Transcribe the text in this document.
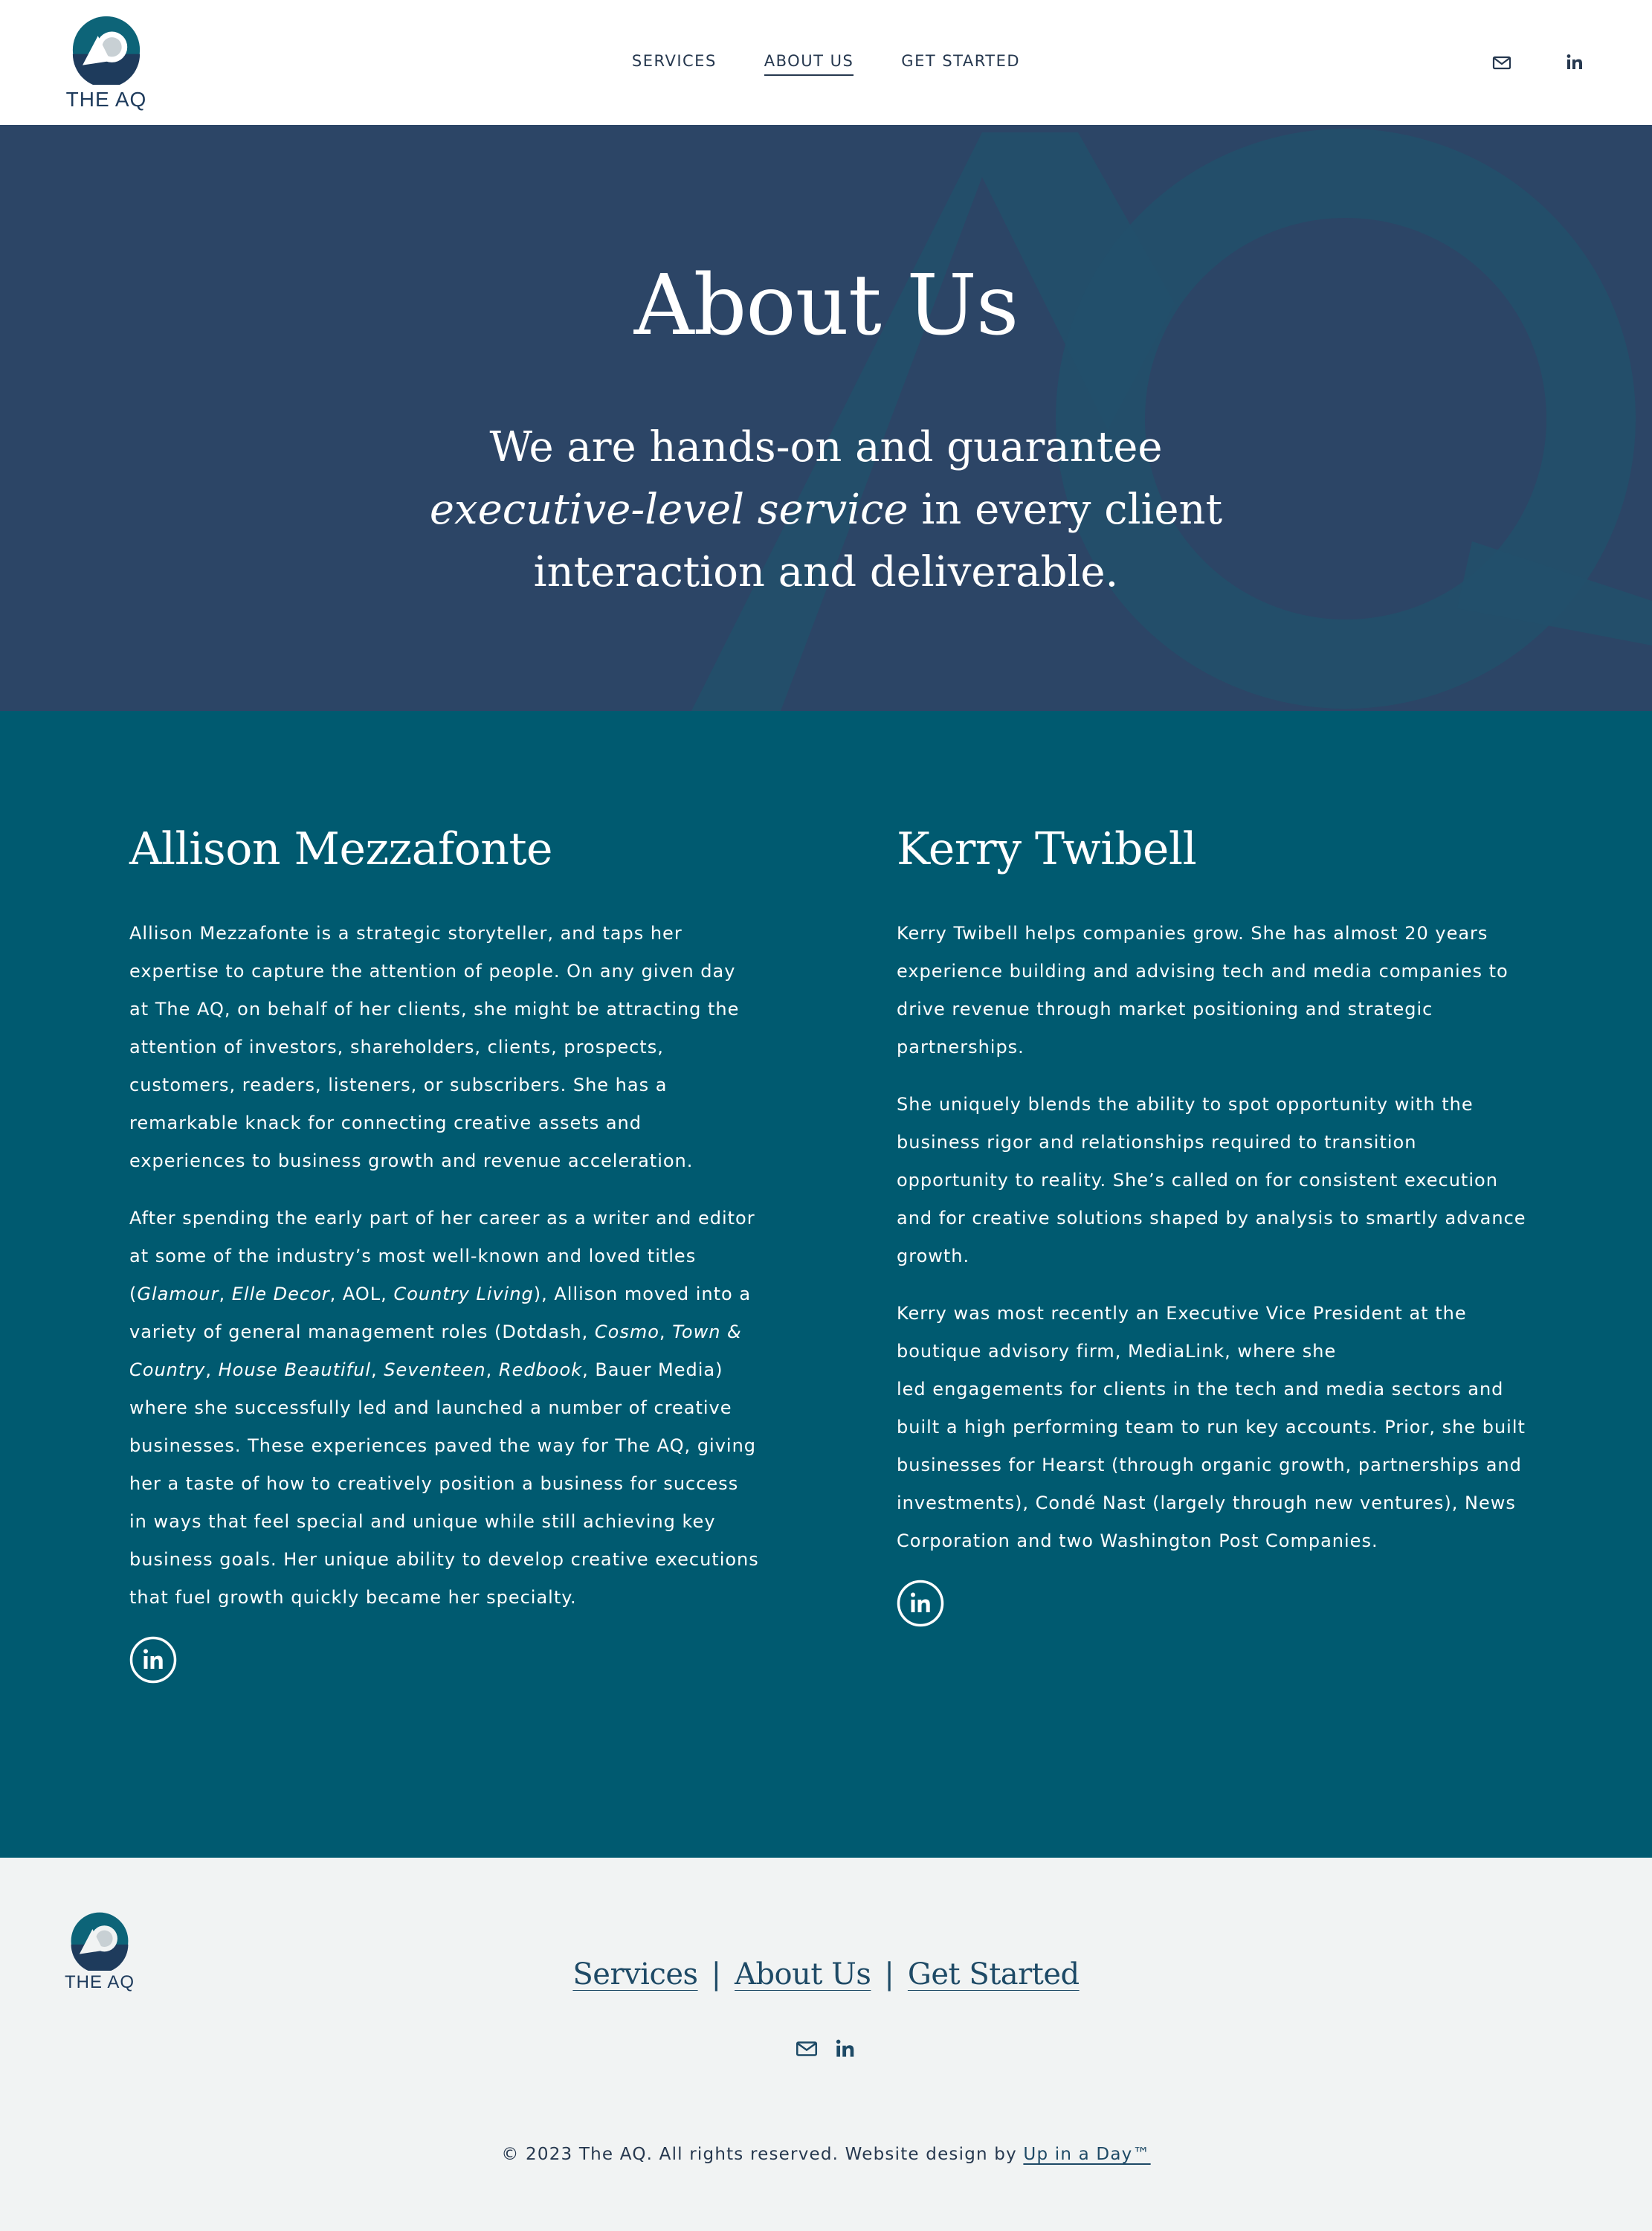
THE AQ
SERVICES	ABOUT US	GET STARTED
About Us

We are hands-on and guarantee
executive-level service in every client interaction and deliverable.

Allison Mezzafonte

Allison Mezzafonte is a strategic storyteller, and taps her expertise to capture the attention of people. On any given day at The AQ, on behalf of her clients, she might be attracting the attention of investors, shareholders, clients, prospects, customers, readers, listeners, or subscribers. She has a remarkable knack for connecting creative assets and experiences to business growth and revenue acceleration.

After spending the early part of her career as a writer and editor at some of the industry’s most well-known and loved titles (Glamour, Elle Decor, AOL, Country Living), Allison moved into a variety of general management roles (Dotdash, Cosmo, Town & Country, House Beautiful, Seventeen, Redbook, Bauer Media) where she successfully led and launched a number of creative businesses. These experiences paved the way for The AQ, giving her a taste of how to creatively position a business for success in ways that feel special and unique while still achieving key business goals. Her unique ability to develop creative executions that fuel growth quickly became her specialty.

Kerry Twibell

Kerry Twibell helps companies grow. She has almost 20 years experience building and advising tech and media companies to drive revenue through market positioning and strategic partnerships.

She uniquely blends the ability to spot opportunity with the business rigor and relationships required to transition opportunity to reality. She’s called on for consistent execution and for creative solutions shaped by analysis to smartly advance growth.

Kerry was most recently an Executive Vice President at the boutique advisory firm, MediaLink, where she
led engagements for clients in the tech and media sectors and built a high performing team to run key accounts. Prior, she built businesses for Hearst (through organic growth, partnerships and investments), Condé Nast (largely through new ventures), News Corporation and two Washington Post Companies.

THE AQ	Services | About Us | Get Started

© 2023 The AQ. All rights reserved. Website design by Up in a Day™
